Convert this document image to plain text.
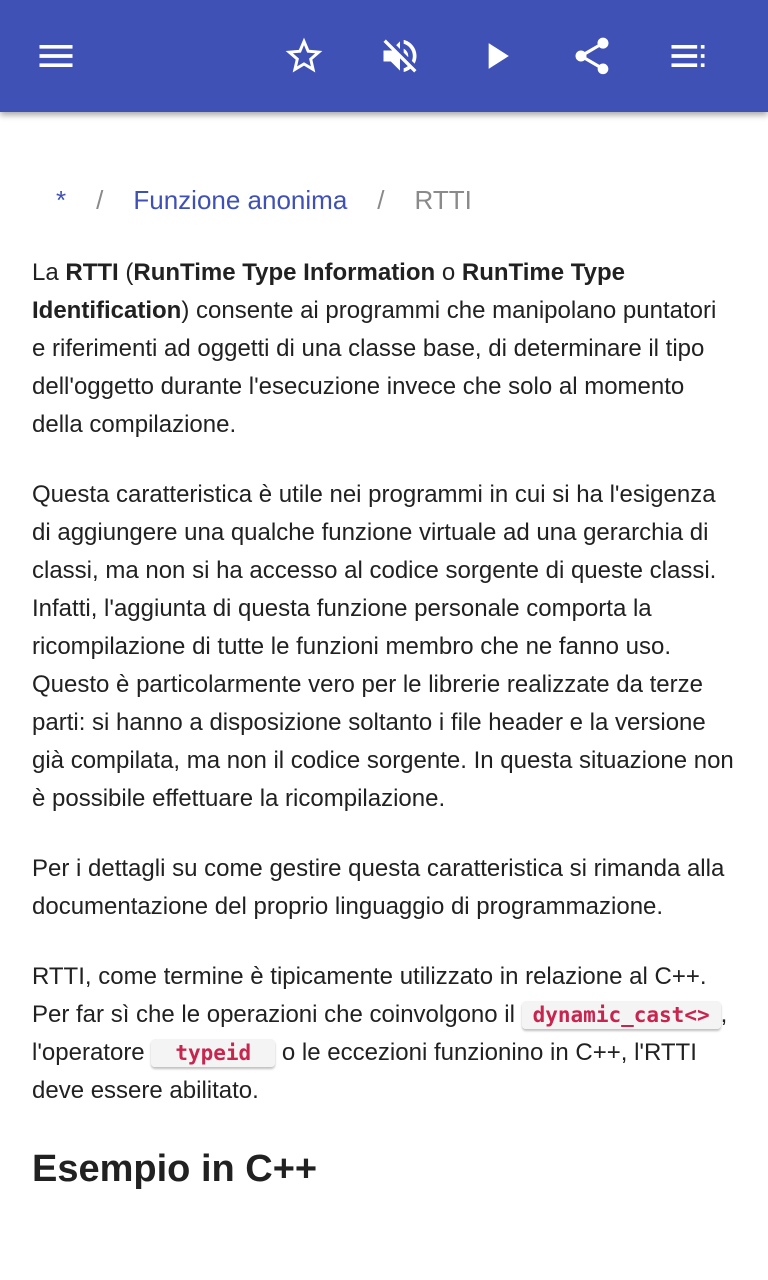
* / Funzione anonima / RTTI

La RTTI (RunTime Type Information o RunTime Type Identification) consente ai programmi che manipolano puntatori e riferimenti ad oggetti di una classe base, di determinare il tipo dell'oggetto durante l'esecuzione invece che solo al momento della compilazione.

Questa caratteristica è utile nei programmi in cui si ha l'esigenza di aggiungere una qualche funzione virtuale ad una gerarchia di classi, ma non si ha accesso al codice sorgente di queste classi. Infatti, l'aggiunta di questa funzione personale comporta la ricompilazione di tutte le funzioni membro che ne fanno uso. Questo è particolarmente vero per le librerie realizzate da terze parti: si hanno a disposizione soltanto i file header e la versione già compilata, ma non il codice sorgente. In questa situazione non è possibile effettuare la ricompilazione.

Per i dettagli su come gestire questa caratteristica si rimanda alla documentazione del proprio linguaggio di programmazione.

RTTI, come termine è tipicamente utilizzato in relazione al C++. Per far sì che le operazioni che coinvolgono il dynamic_cast<> , l'operatore typeid o le eccezioni funzionino in C++, l'RTTI deve essere abilitato.

Esempio in C++
